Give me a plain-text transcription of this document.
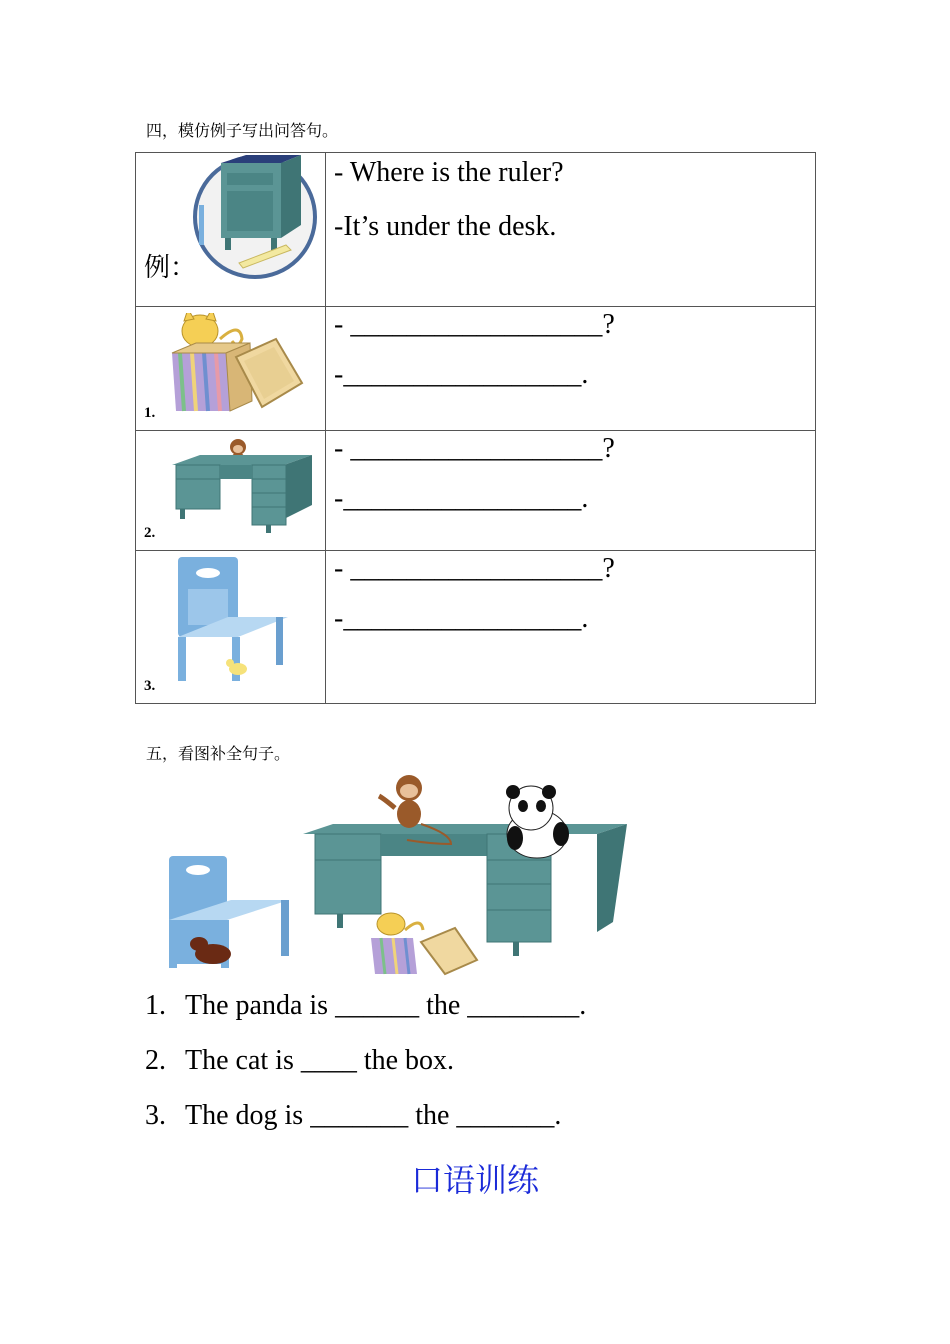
四，模仿例子写出问答句。
例：	- Where is the ruler?
-It’s under the desk.

1.	- __________________?
-_________________.

2.	- __________________?
-_________________.

3.	- __________________?
-_________________.
五，看图补全句子。
1. The panda is ______ the ________.
2. The cat is ____ the box.
3. The dog is _______ the _______.
口语训练
